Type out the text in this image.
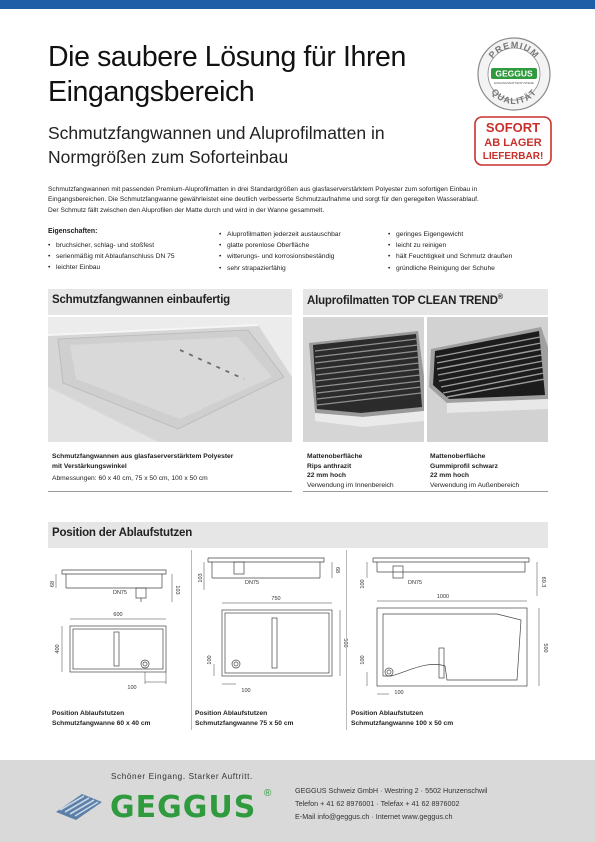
Die saubere Lösung für Ihren
Eingangsbereich
Schmutzfangwannen und Aluprofilmatten in
Normgrößen zum Soforteinbau
PREMIUM
QUALITÄT
GEGGUS
EINGANGSMATTENSYSTEME
SOFORT
AB LAGER
LIEFERBAR!

Schmutzfangwannen mit passenden Premium-Aluprofilmatten in drei Standardgrößen aus glasfaserverstärktem Polyester zum sofortigen Einbau in

Eingangsbereichen. Die Schmutzfangwanne gewährleistet eine deutlich verbesserte Schmutzaufnahme und sorgt für den geregelten Wasserablauf.

Der Schmutz fällt zwischen den Aluprofilen der Matte durch und wird in der Wanne gesammelt.

Eigenschaften:
• bruchsicher, schlag- und stoßfest
• serienmäßig mit Ablaufanschluss DN 75
• leichter Einbau
• Aluprofilmatten jederzeit austauschbar
• glatte porenlose Oberfläche
• witterungs- und korrosionsbeständig
• sehr strapazierfähig
• geringes Eigengewicht
• leicht zu reinigen
• hält Feuchtigkeit und Schmutz draußen
• gründliche Reinigung der Schuhe
Schmutzfangwannen einbaufertig	Aluprofilmatten TOP CLEAN TREND®
Schmutzfangwannen aus glasfaserverstärktem Polyester
mit Verstärkungswinkel
Abmessungen: 60 x 40 cm, 75 x 50 cm, 100 x 50 cm
Mattenoberfläche
Rips anthrazit
22 mm hoch
Verwendung im Innenbereich
Mattenoberfläche
Gummiprofil schwarz
22 mm hoch
Verwendung im Außenbereich
Position der Ablaufstutzen
DN75
68
103
600
400
100
DN75
103
68
750
500
100
100
DN75
100	69.3
1000
500
100
100
Position Ablaufstutzen
Schmutzfangwanne 60 x 40 cm
Position Ablaufstutzen
Schmutzfangwanne 75 x 50 cm
Position Ablaufstutzen
Schmutzfangwanne 100 x 50 cm
Schöner Eingang. Starker Auftritt.
GEGGUS ®	GEGGUS Schweiz GmbH · Westring 2 · 5502 Hunzenschwil
Telefon + 41 62 8976001 · Telefax + 41 62 8976002
E-Mail info@geggus.ch · Internet www.geggus.ch
